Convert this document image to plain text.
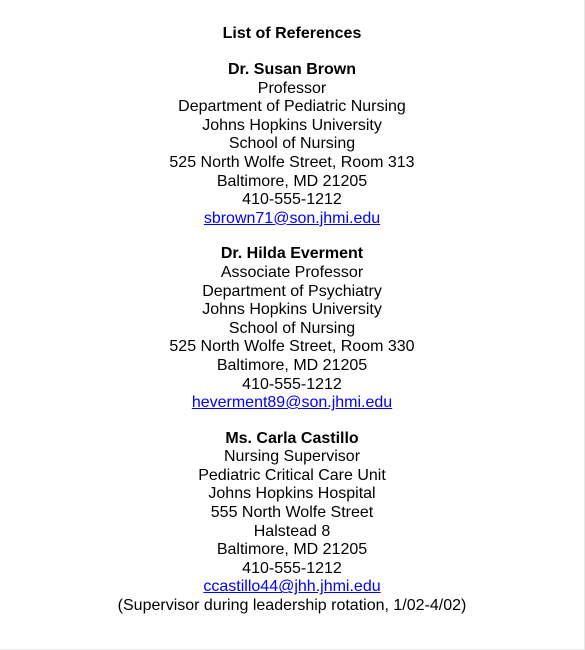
List of References
Dr. Susan Brown
Professor
Department of Pediatric Nursing
Johns Hopkins University
School of Nursing
525 North Wolfe Street, Room 313
Baltimore, MD 21205
410-555-1212
sbrown71@son.jhmi.edu
Dr. Hilda Everment
Associate Professor
Department of Psychiatry
Johns Hopkins University
School of Nursing
525 North Wolfe Street, Room 330
Baltimore, MD 21205
410-555-1212
heverment89@son.jhmi.edu
Ms. Carla Castillo
Nursing Supervisor
Pediatric Critical Care Unit
Johns Hopkins Hospital
555 North Wolfe Street
Halstead 8
Baltimore, MD 21205
410-555-1212
ccastillo44@jhh.jhmi.edu
(Supervisor during leadership rotation, 1/02-4/02)
